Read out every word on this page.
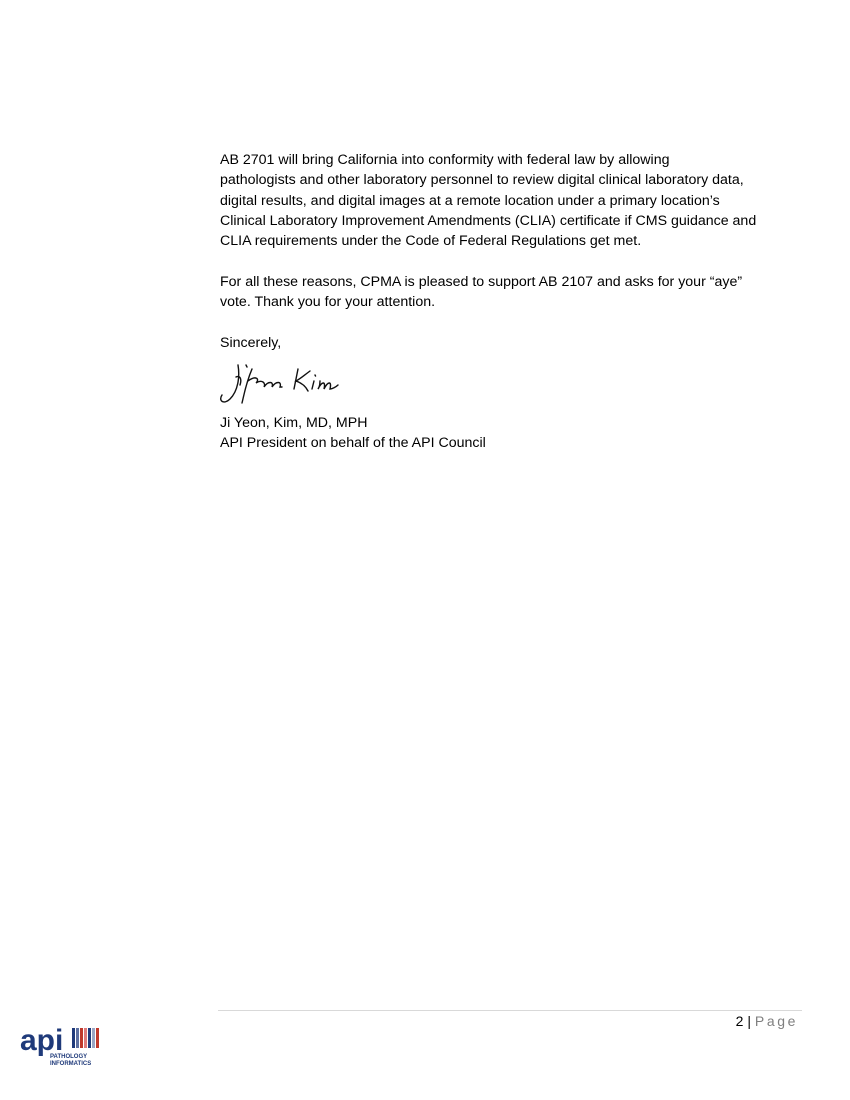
AB 2701 will bring California into conformity with federal law by allowing
pathologists and other laboratory personnel to review digital clinical laboratory data,
digital results, and digital images at a remote location under a primary location’s
Clinical Laboratory Improvement Amendments (CLIA) certificate if CMS guidance and
CLIA requirements under the Code of Federal Regulations get met.

For all these reasons, CPMA is pleased to support AB 2107 and asks for your “aye”
vote. Thank you for your attention.

Sincerely,

Ji Yeon, Kim, MD, MPH

API President on behalf of the API Council

2 | Page
api
PATHOLOGY
INFORMATICS
